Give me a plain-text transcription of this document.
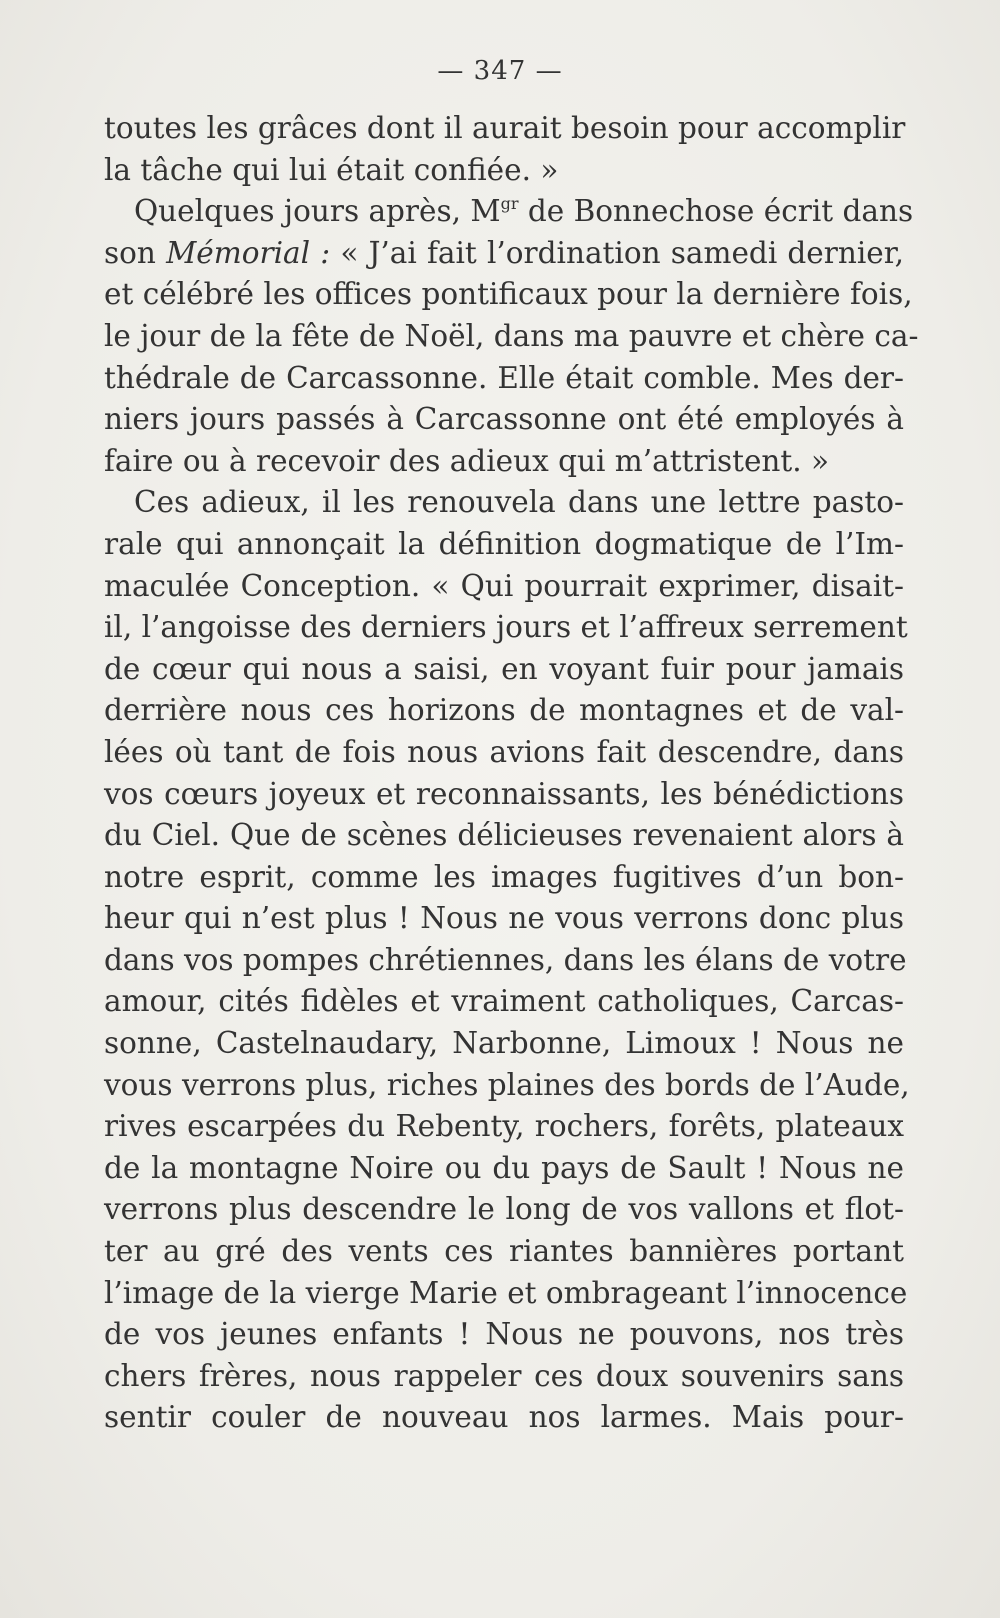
— 347 —
toutes les grâces dont il aurait besoin pour accomplir
la tâche qui lui était confiée. »
Quelques jours après, $M^{gr}$ de Bonnechose écrit dans
son Mémorial : « J’ai fait l’ordination samedi dernier,
et célébré les offices pontificaux pour la dernière fois,
le jour de la fête de Noël, dans ma pauvre et chère ca-
thédrale de Carcassonne. Elle était comble. Mes der-
niers jours passés à Carcassonne ont été employés à
faire ou à recevoir des adieux qui m’attristent. »
Ces adieux, il les renouvela dans une lettre pasto-
rale qui annonçait la définition dogmatique de l’Im-
maculée Conception. « Qui pourrait exprimer, disait-
il, l’angoisse des derniers jours et l’affreux serrement
de cœur qui nous a saisi, en voyant fuir pour jamais
derrière nous ces horizons de montagnes et de val-
lées où tant de fois nous avions fait descendre, dans
vos cœurs joyeux et reconnaissants, les bénédictions
du Ciel. Que de scènes délicieuses revenaient alors à
notre esprit, comme les images fugitives d’un bon-
heur qui n’est plus ! Nous ne vous verrons donc plus
dans vos pompes chrétiennes, dans les élans de votre
amour, cités fidèles et vraiment catholiques, Carcas-
sonne, Castelnaudary, Narbonne, Limoux ! Nous ne
vous verrons plus, riches plaines des bords de l’Aude,
rives escarpées du Rebenty, rochers, forêts, plateaux
de la montagne Noire ou du pays de Sault ! Nous ne
verrons plus descendre le long de vos vallons et flot-
ter au gré des vents ces riantes bannières portant
l’image de la vierge Marie et ombrageant l’innocence
de vos jeunes enfants ! Nous ne pouvons, nos très
chers frères, nous rappeler ces doux souvenirs sans
sentir couler de nouveau nos larmes. Mais pour-
